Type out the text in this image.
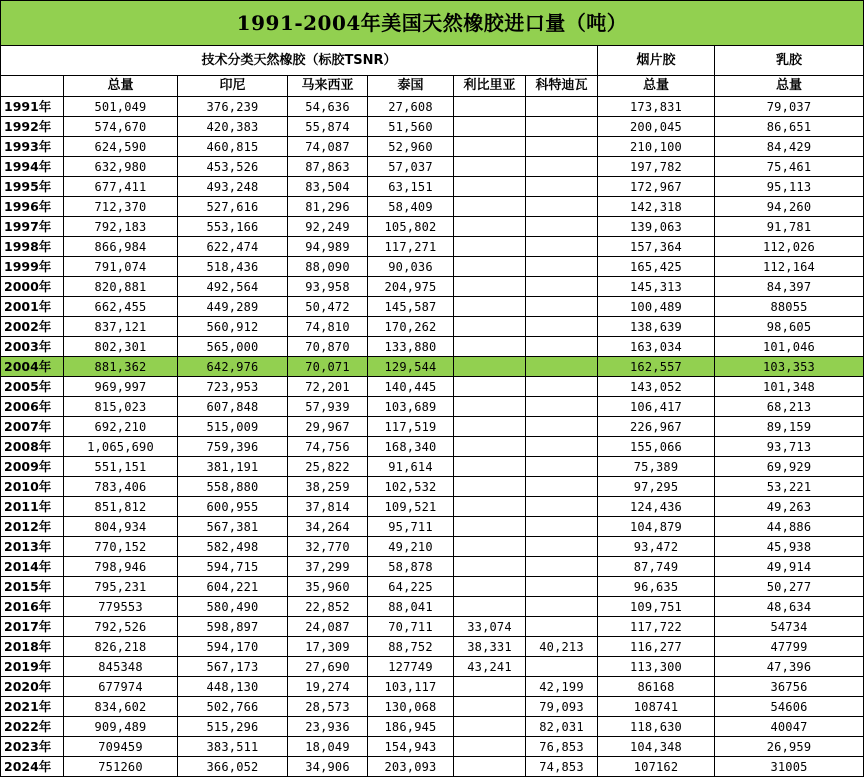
1991-2004年美国天然橡胶进口量（吨）								
技术分类天然橡胶（标胶TSNR）							烟片胶	乳胶
	总量	印尼	马来西亚	泰国	利比里亚	科特迪瓦	总量	总量
1991年	501,049	376,239	54,636	27,608			173,831	79,037
1992年	574,670	420,383	55,874	51,560			200,045	86,651
1993年	624,590	460,815	74,087	52,960			210,100	84,429
1994年	632,980	453,526	87,863	57,037			197,782	75,461
1995年	677,411	493,248	83,504	63,151			172,967	95,113
1996年	712,370	527,616	81,296	58,409			142,318	94,260
1997年	792,183	553,166	92,249	105,802			139,063	91,781
1998年	866,984	622,474	94,989	117,271			157,364	112,026
1999年	791,074	518,436	88,090	90,036			165,425	112,164
2000年	820,881	492,564	93,958	204,975			145,313	84,397
2001年	662,455	449,289	50,472	145,587			100,489	88055
2002年	837,121	560,912	74,810	170,262			138,639	98,605
2003年	802,301	565,000	70,870	133,880			163,034	101,046
2004年	881,362	642,976	70,071	129,544			162,557	103,353
2005年	969,997	723,953	72,201	140,445			143,052	101,348
2006年	815,023	607,848	57,939	103,689			106,417	68,213
2007年	692,210	515,009	29,967	117,519			226,967	89,159
2008年	1,065,690	759,396	74,756	168,340			155,066	93,713
2009年	551,151	381,191	25,822	91,614			75,389	69,929
2010年	783,406	558,880	38,259	102,532			97,295	53,221
2011年	851,812	600,955	37,814	109,521			124,436	49,263
2012年	804,934	567,381	34,264	95,711			104,879	44,886
2013年	770,152	582,498	32,770	49,210			93,472	45,938
2014年	798,946	594,715	37,299	58,878			87,749	49,914
2015年	795,231	604,221	35,960	64,225			96,635	50,277
2016年	779553	580,490	22,852	88,041			109,751	48,634
2017年	792,526	598,897	24,087	70,711	33,074		117,722	54734
2018年	826,218	594,170	17,309	88,752	38,331	40,213	116,277	47799
2019年	845348	567,173	27,690	127749	43,241		113,300	47,396
2020年	677974	448,130	19,274	103,117		42,199	86168	36756
2021年	834,602	502,766	28,573	130,068		79,093	108741	54606
2022年	909,489	515,296	23,936	186,945		82,031	118,630	40047
2023年	709459	383,511	18,049	154,943		76,853	104,348	26,959
2024年	751260	366,052	34,906	203,093		74,853	107162	31005
